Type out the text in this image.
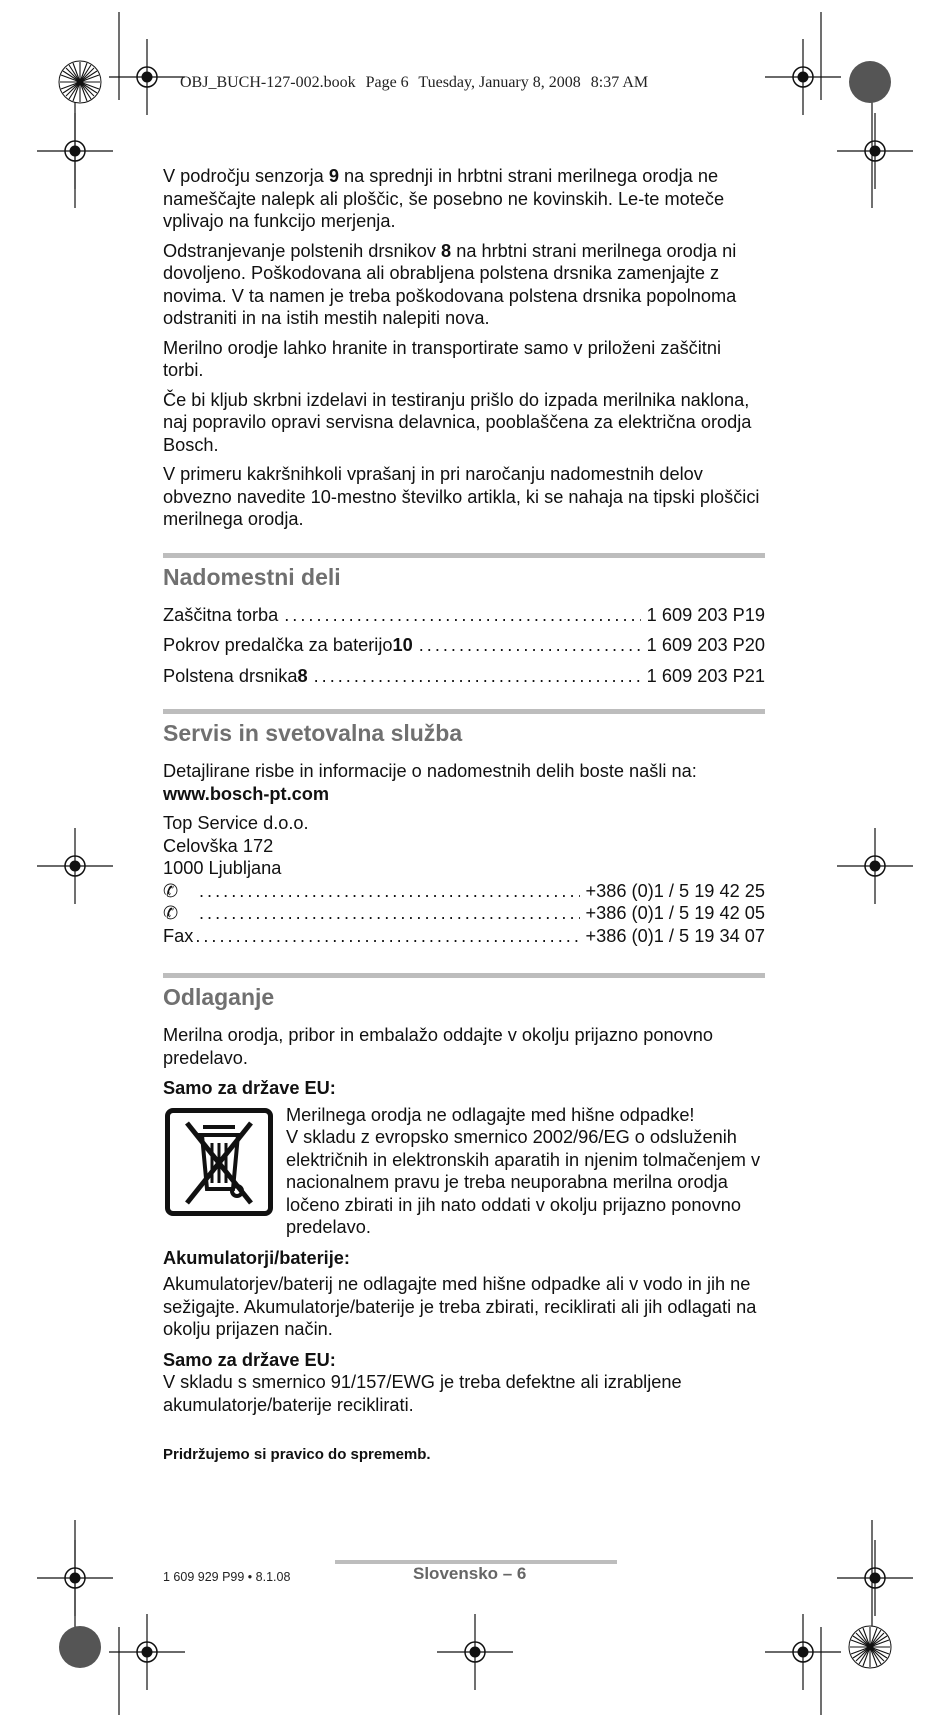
OBJ_BUCH-127-002.book Page 6 Tuesday, January 8, 2008 8:37 AM

V področju senzorja 9 na sprednji in hrbtni strani merilnega orodja ne nameščajte nalepk ali ploščic, še posebno ne kovinskih. Le-te moteče vplivajo na funkcijo merjenja.

Odstranjevanje polstenih drsnikov 8 na hrbtni strani merilnega orodja ni dovoljeno. Poškodovana ali obrabljena polstena drsnika zamenjajte z novima. V ta namen je treba poškodovana polstena drsnika popolnoma odstraniti in na istih mestih nalepiti nova.

Merilno orodje lahko hranite in transportirate samo v priloženi zaščitni torbi.

Če bi kljub skrbni izdelavi in testiranju prišlo do izpada merilnika naklona, naj popravilo opravi servisna delavnica, pooblaščena za električna orodja Bosch.

V primeru kakršnihkoli vprašanj in pri naročanju nadomestnih delov obvezno navedite 10-mestno številko artikla, ki se nahaja na tipski ploščici merilnega orodja.

Nadomestni deli
Zaščitna torba .....	1 609 203 P19
Pokrov predalčka za baterijo 10 .....	1 609 203 P20
Polstena drsnika 8 .....	1 609 203 P21
Servis in svetovalna služba

Detajlirane risbe in informacije o nadomestnih delih boste našli na:
www.bosch-pt.com

Top Service d.o.o.
Celovška 172
1000 Ljubljana
✆ .....	+386 (0)1 / 5 19 42 25
✆ .....	+386 (0)1 / 5 19 42 05
Fax .....	+386 (0)1 / 5 19 34 07
Odlaganje

Merilna orodja, pribor in embalažo oddajte v okolju prijazno ponovno predelavo.

Samo za države EU:

Merilnega orodja ne odlagajte med hišne odpadke!

V skladu z evropsko smernico 2002/96/EG o odsluženih električnih in elektronskih aparatih in njenim tolmačenjem v nacionalnem pravu je treba neuporabna merilna orodja ločeno zbirati in jih nato oddati v okolju prijazno ponovno predelavo.

Akumulatorji/baterije:

Akumulatorjev/baterij ne odlagajte med hišne odpadke ali v vodo in jih ne sežigajte. Akumulatorje/baterije je treba zbirati, reciklirati ali jih odlagati na okolju prijazen način.

Samo za države EU:

V skladu s smernico 91/157/EWG je treba defektne ali izrabljene akumulatorje/baterije reciklirati.

Pridržujemo si pravico do sprememb.
1 609 929 P99 • 8.1.08	Slovensko – 6
